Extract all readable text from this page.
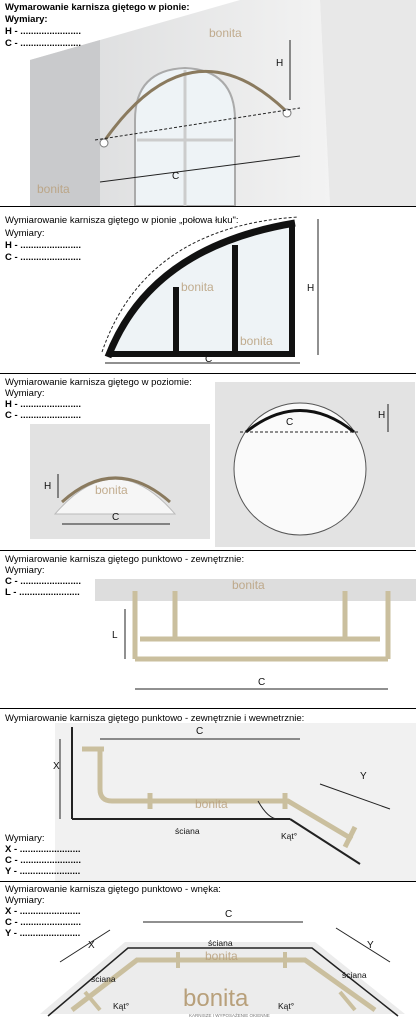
H
C
bonita
bonita
Wymarowanie karnisza giętego w pionie:
Wymiary:
H - .......................
C - .......................
H
C
bonita
bonita
Wymiarowanie karnisza giętego w pionie „połowa łuku":
Wymiary:
H - .......................
C - .......................
H
C
bonita
C
H
Wymiarowanie karnisza giętego w poziomie:
Wymiary:
H - .......................
C - .......................
L
C
bonita
Wymiarowanie karnisza giętego punktowo - zewnętrznie:
Wymiary:
C - .......................
L - .......................
X
C
Y
ściana	Kąt°
bonita
Wymiarowanie karnisza giętego punktowo - zewnętrznie i wewnetrznie:
Wymiary:
X - .......................
C - .......................
Y - .......................
X
C
Y
ściana
ściana	ściana
Kąt°	Kąt°
bonita
bonita
KARNISZE I WYPOSAŻENIE OKIENNE
Wymiarowanie karnisza giętego punktowo - wnęka:
Wymiary:
X - .......................
C - .......................
Y - .......................
